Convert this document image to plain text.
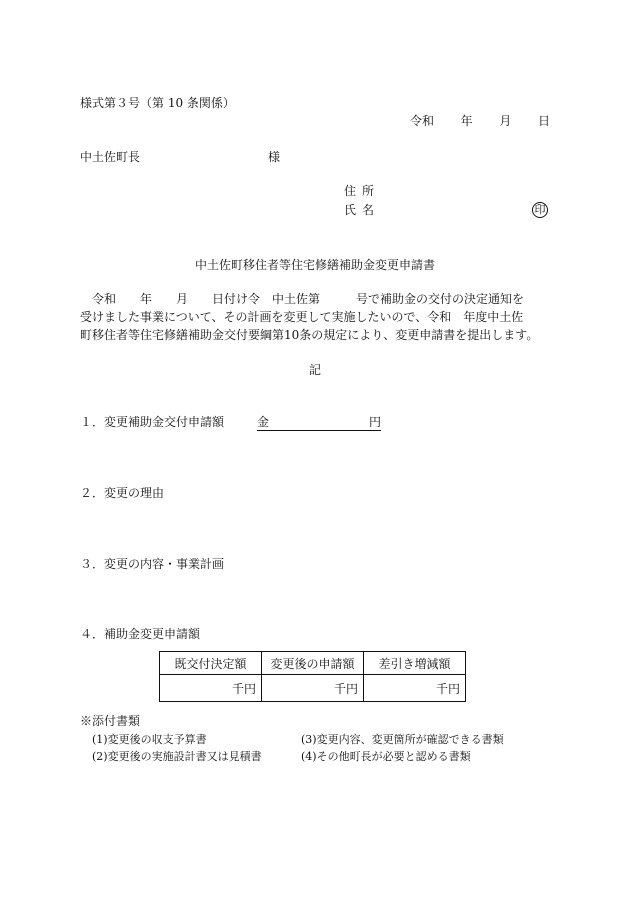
様式第３号（第 10 条関係）
令和 年 月 日
中土佐町長	様
住所
氏名	印
中土佐町移住者等住宅修繕補助金変更申請書

　令和　　年　　月　　日付け令　中土佐第　　　号で補助金の交付の決定通知を

受けました事業について、その計画を変更して実施したいので、令和　年度中土佐

町移住者等住宅修繕補助金交付要綱第10条の規定により、変更申請書を提出します。

記
１．変更補助金交付申請額	金	円
２．変更の理由
３．変更の内容・事業計画
４．補助金変更申請額
既交付決定額	変更後の申請額	差引き増減額
千円	千円	千円
※添付書類
(1)変更後の収支予算書
(2)変更後の実施設計書又は見積書
(3)変更内容、変更箇所が確認できる書類
(4)その他町長が必要と認める書類
